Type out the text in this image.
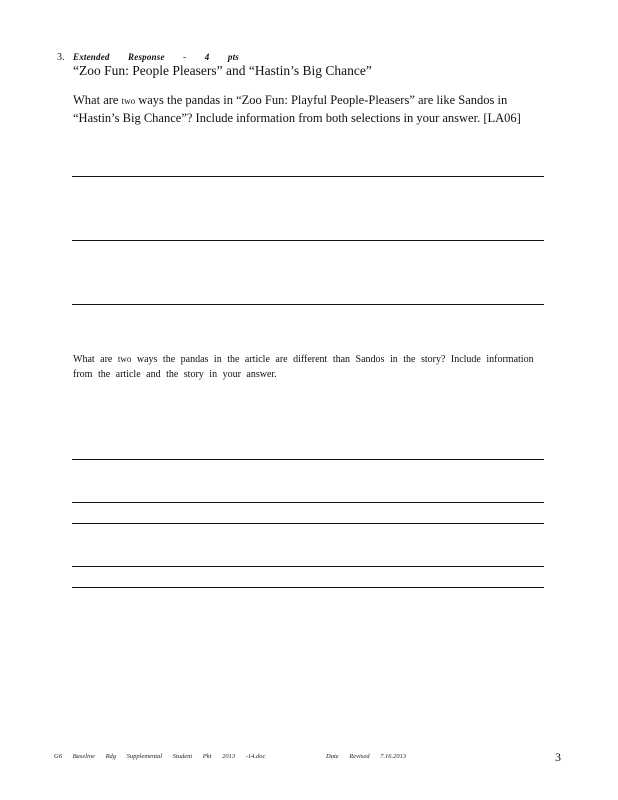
3. Extended Response - 4 pts
“Zoo Fun: People Pleasers” and “Hastin’s Big Chance”
What are two ways the pandas in “Zoo Fun: Playful People-Pleasers” are like Sandos in “Hastin’s Big Chance”? Include information from both selections in your answer. [LA06]
What are two ways the pandas in the article are different than Sandos in the story? Include information from the article and the story in your answer.
G6 Baseline Rdg Supplemental Student Pkt 2013 -14.doc	Date Revised 7.16.2013	3
